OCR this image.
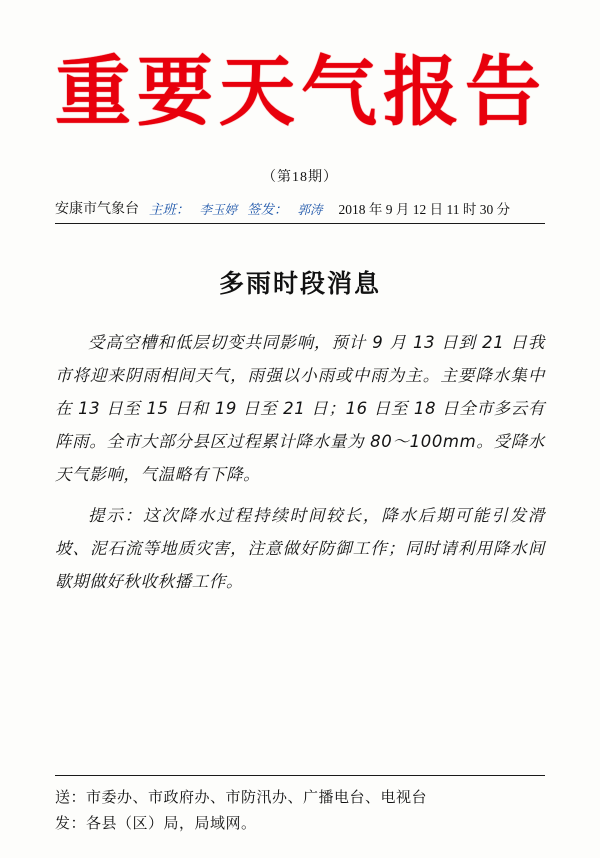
重要天气报告
（第18期）
安康市气象台 主班： 李玉婷 签发： 郭涛 2018 年 9 月 12 日 11 时 30 分
多雨时段消息

受高空槽和低层切变共同影响，预计 9 月 13 日到 21 日我市将迎来阴雨相间天气，雨强以小雨或中雨为主。主要降水集中在 13 日至 15 日和 19 日至 21 日；16 日至 18 日全市多云有阵雨。全市大部分县区过程累计降水量为 80～100mm。受降水天气影响，气温略有下降。

提示：这次降水过程持续时间较长，降水后期可能引发滑坡、泥石流等地质灾害，注意做好防御工作；同时请利用降水间歇期做好秋收秋播工作。

送：市委办、市政府办、市防汛办、广播电台、电视台
发：各县（区）局，局域网。
